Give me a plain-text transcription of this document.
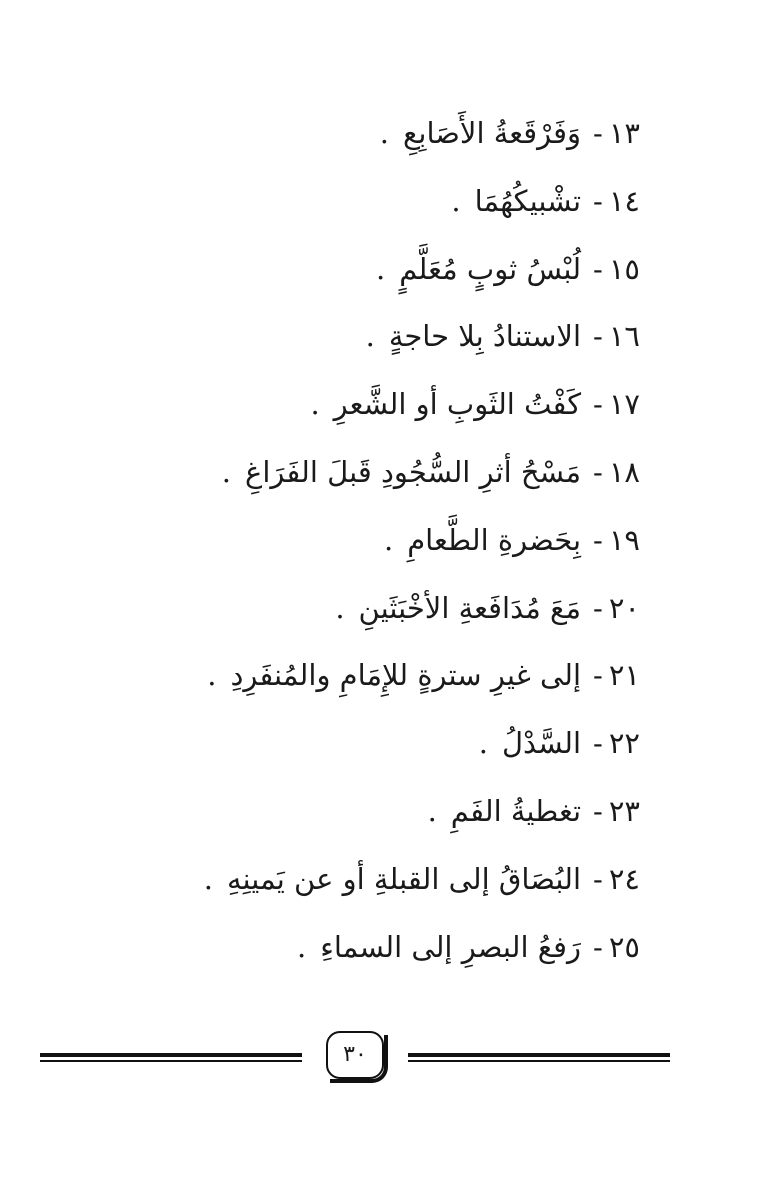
١٣-وَفَرْقَعةُ الأَصَابِعِ.
١٤-تشْبيكُهُمَا.
١٥-لُبْسُ ثوبٍ مُعَلَّمٍ.
١٦-الاستنادُ بِلا حاجةٍ.
١٧-كَفْتُ الثَوبِ أو الشَّعرِ.
١٨-مَسْحُ أثرِ السُّجُودِ قَبلَ الفَرَاغِ.
١٩-بِحَضرةِ الطَّعامِ.
٢٠-مَعَ مُدَافَعةِ الأخْبَثَينِ.
٢١-إلى غيرِ سترةٍ للإِمَامِ والمُنفَرِدِ.
٢٢-السَّدْلُ.
٢٣-تغطيةُ الفَمِ.
٢٤-البُصَاقُ إلى القبلةِ أو عن يَمينِهِ.
٢٥-رَفعُ البصرِ إلى السماءِ.
٣٠
